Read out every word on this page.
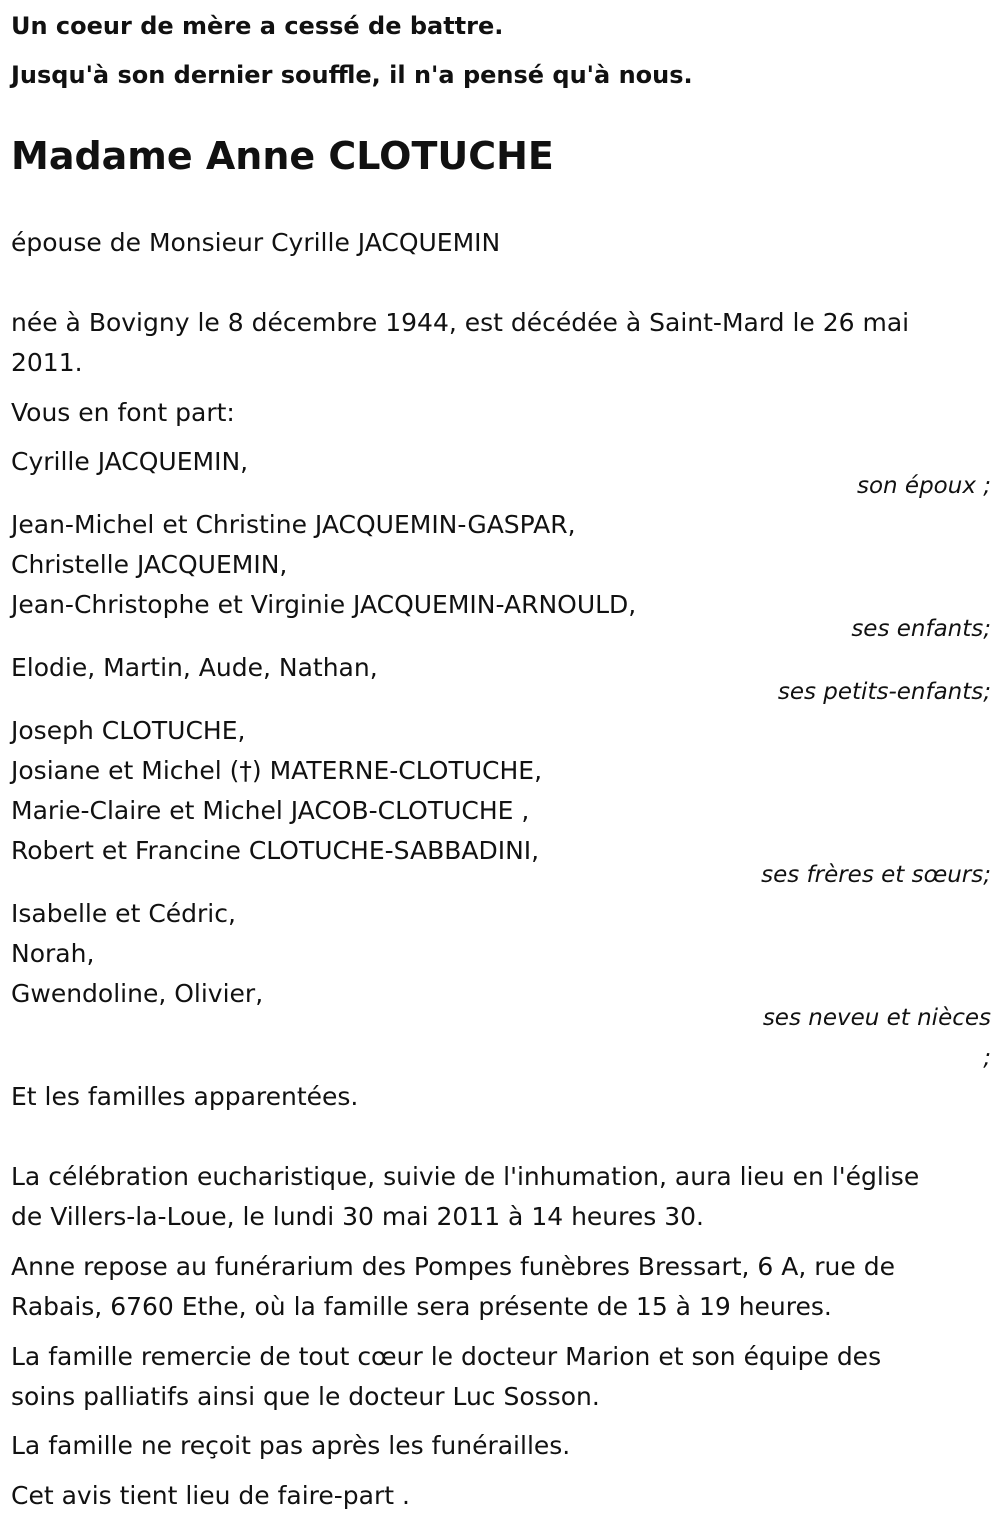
Un coeur de mère a cessé de battre.
Jusqu'à son dernier souffle, il n'a pensé qu'à nous.
Madame Anne CLOTUCHE
épouse de Monsieur Cyrille JACQUEMIN
née à Bovigny le 8 décembre 1944, est décédée à Saint-Mard le 26 mai
2011.
Vous en font part:
Cyrille JACQUEMIN,
son époux ;
Jean-Michel et Christine JACQUEMIN-GASPAR,
Christelle JACQUEMIN,
Jean-Christophe et Virginie JACQUEMIN-ARNOULD,
ses enfants;
Elodie, Martin, Aude, Nathan,
ses petits-enfants;
Joseph CLOTUCHE,
Josiane et Michel (†) MATERNE-CLOTUCHE,
Marie-Claire et Michel JACOB-CLOTUCHE ,
Robert et Francine CLOTUCHE-SABBADINI,
ses frères et sœurs;
Isabelle et Cédric,
Norah,
Gwendoline, Olivier,
ses neveu et nièces
;
Et les familles apparentées.
La célébration eucharistique, suivie de l'inhumation, aura lieu en l'église
de Villers-la-Loue, le lundi 30 mai 2011 à 14 heures 30.
Anne repose au funérarium des Pompes funèbres Bressart, 6 A, rue de
Rabais, 6760 Ethe, où la famille sera présente de 15 à 19 heures.
La famille remercie de tout cœur le docteur Marion et son équipe des
soins palliatifs ainsi que le docteur Luc Sosson.
La famille ne reçoit pas après les funérailles.
Cet avis tient lieu de faire-part .
